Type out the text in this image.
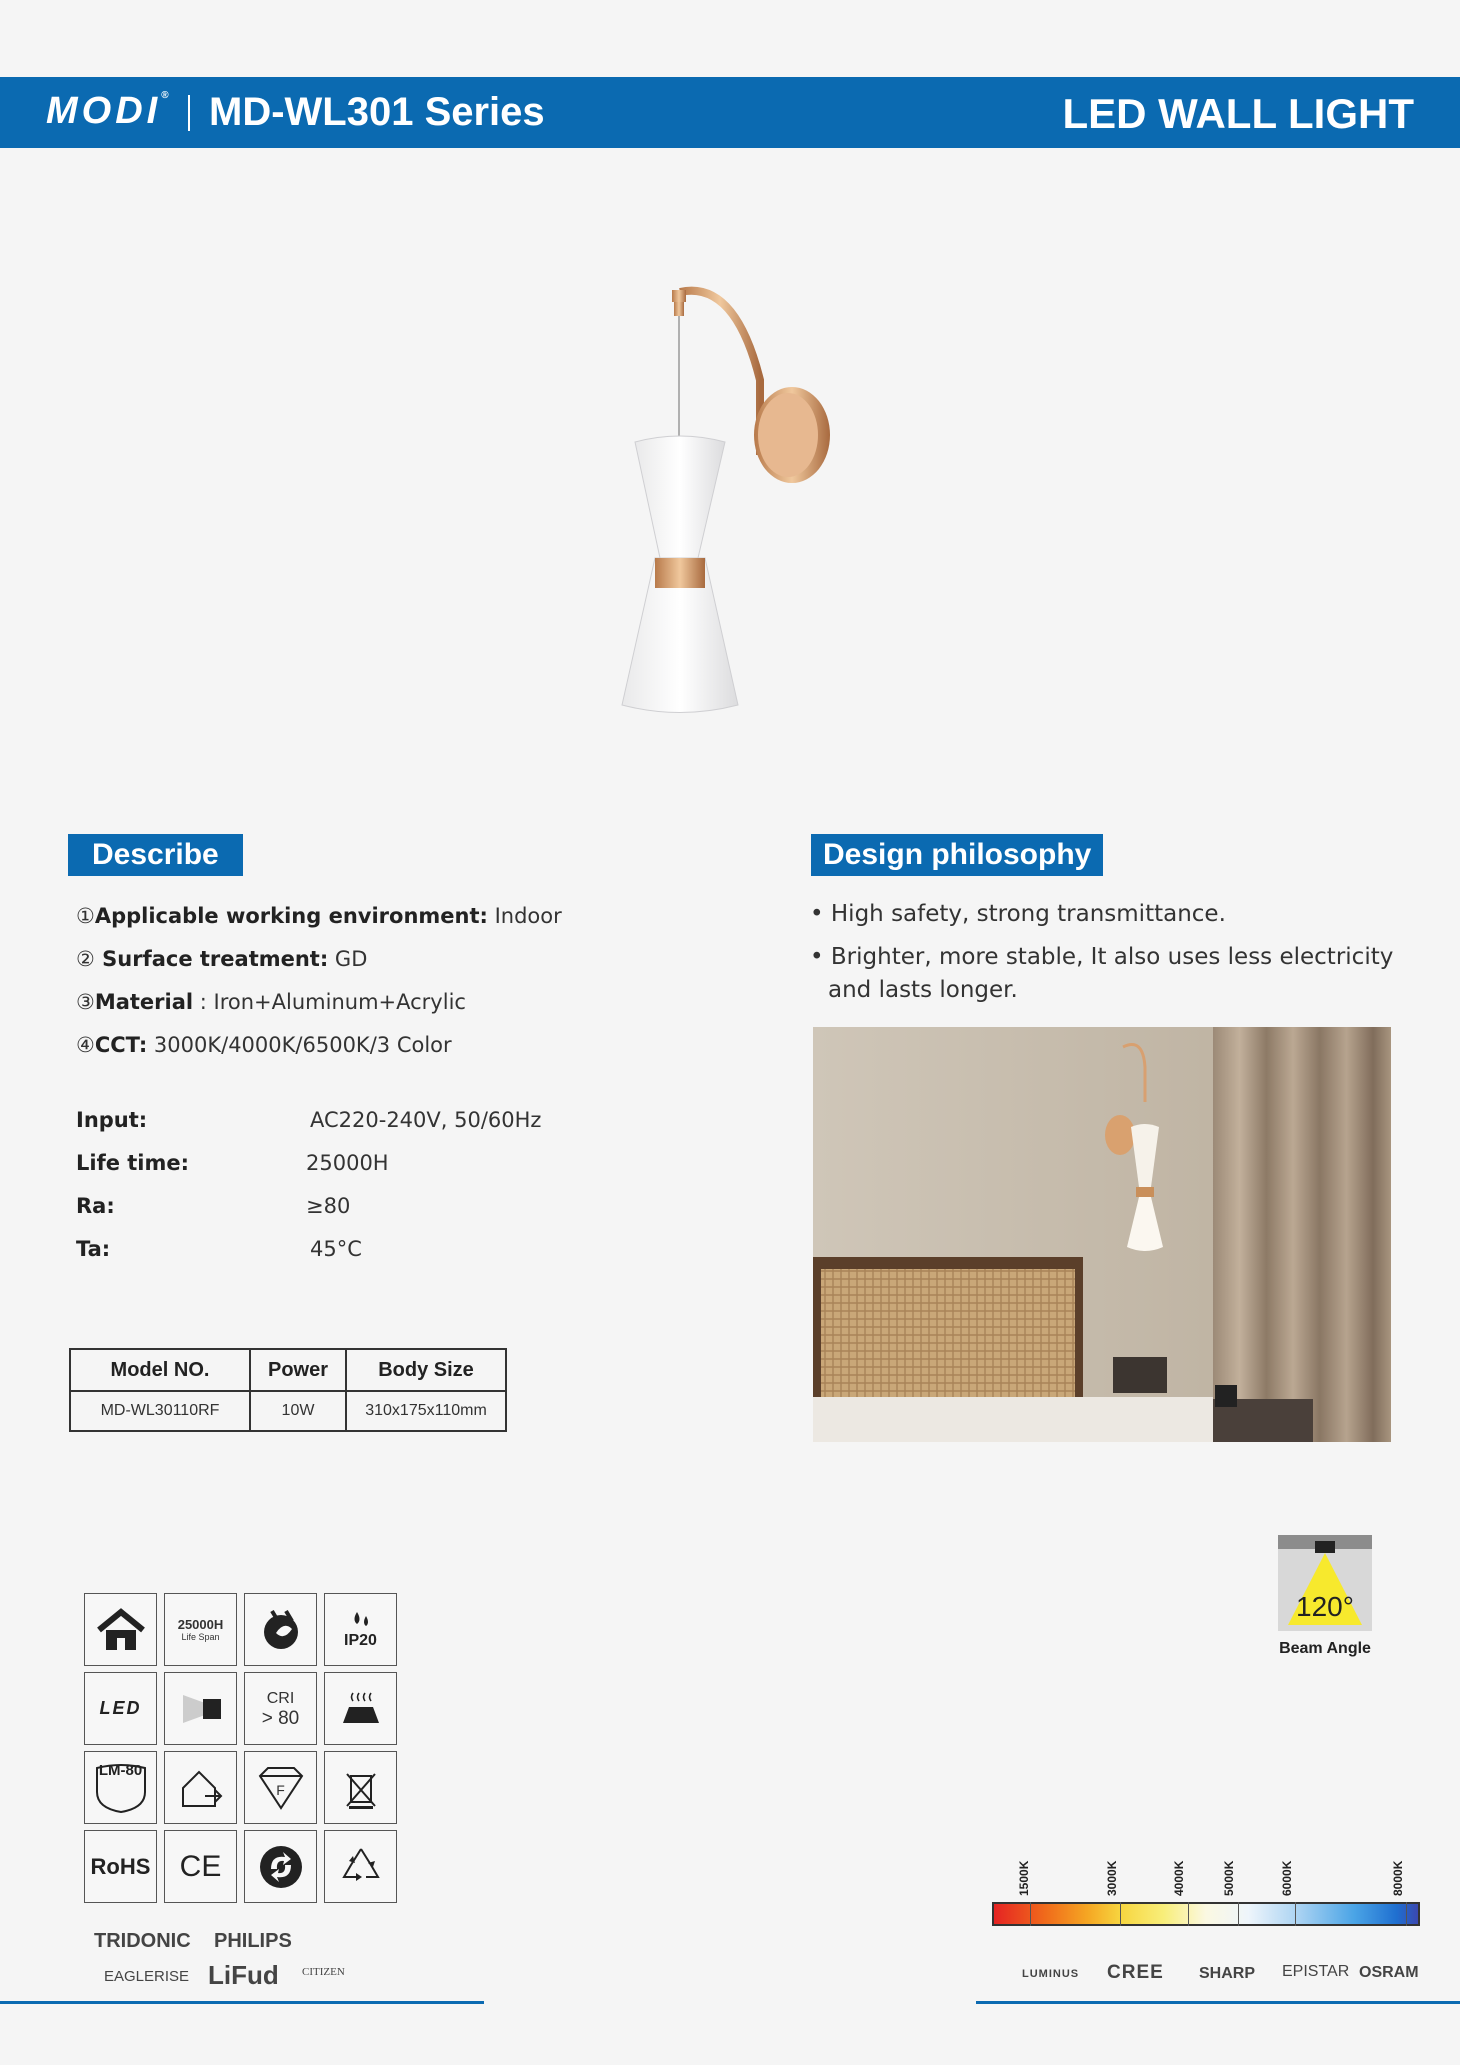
MODI® MD-WL301 Series	LED WALL LIGHT
Describe
①Applicable working environment: Indoor
② Surface treatment: GD
③Material : Iron+Aluminum+Acrylic
④CCT: 3000K/4000K/6500K/3 Color
Input:	AC220-240V, 50/60Hz
Life time:	25000H
Ra:	≥80
Ta:	45°C
Model NO.	Power	Body Size
MD-WL30110RF	10W	310x175x110mm
Design philosophy
• High safety, strong transmittance.
• Brighter, more stable, It also uses less electricity and lasts longer.
25000H
Life Span	IP20
LED	CRI
> 80
LM-80
F
RoHS CE
TRIDONIC PHILIPS
EAGLERISE LiFud CITIZEN
120°
Beam Angle
1500K	3000K	4000K	5000K	6000K	8000K
LUMINUS CREE SHARP EPISTAR OSRAM
